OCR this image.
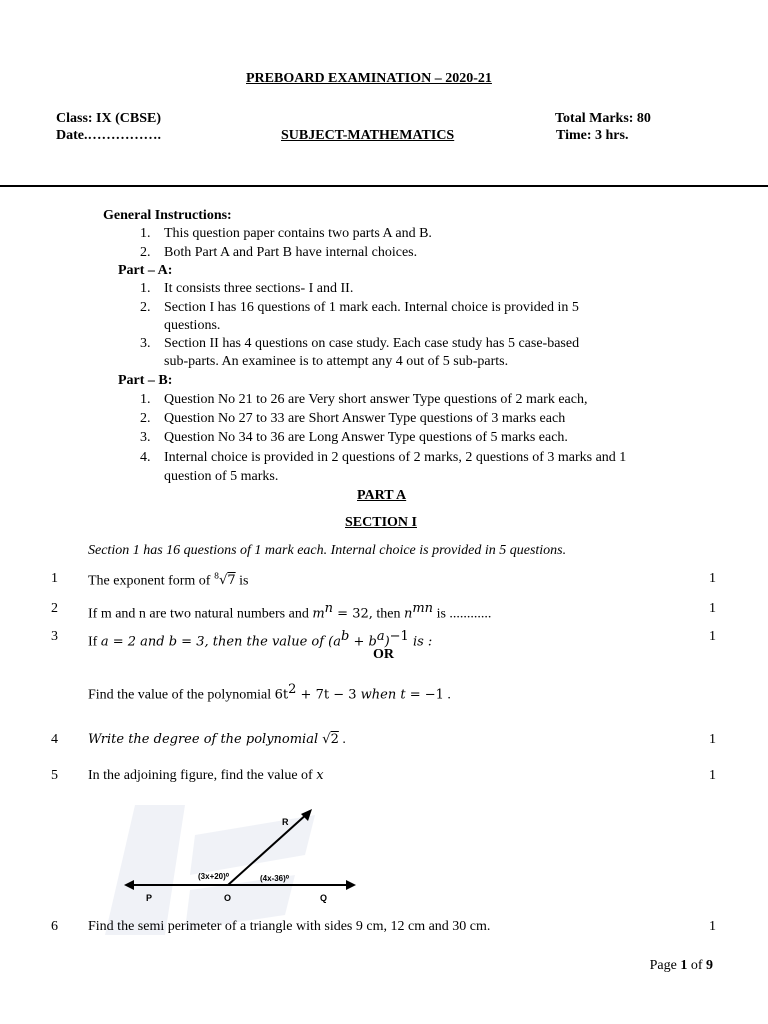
PREBOARD EXAMINATION – 2020-21
Class: IX (CBSE)
Date.…………….	SUBJECT-MATHEMATICS
Total Marks: 80
Time: 3 hrs.
General Instructions:
1. This question paper contains two parts A and B.
2. Both Part A and Part B have internal choices.
Part – A:
1. It consists three sections- I and II.
2. Section I has 16 questions of 1 mark each. Internal choice is provided in 5
questions.
3. Section II has 4 questions on case study. Each case study has 5 case-based
sub-parts. An examinee is to attempt any 4 out of 5 sub-parts.
Part – B:
1. Question No 21 to 26 are Very short answer Type questions of 2 mark each,
2. Question No 27 to 33 are Short Answer Type questions of 3 marks each
3. Question No 34 to 36 are Long Answer Type questions of 5 marks each.
4. Internal choice is provided in 2 questions of 2 marks, 2 questions of 3 marks and 1
question of 5 marks.
PART A
SECTION I
Section 1 has 16 questions of 1 mark each. Internal choice is provided in 5 questions.
1 The exponent form of $^8$√7 is	1
2 If m and n are two natural numbers and $m^n = 32$, then $n^{mn}$ is ............	1
3 If a = 2 and b = 3, then the value of $(a^b + b^a)^{-1}$ is :	1
OR
Find the value of the polynomial $6t^2 + 7t - 3$ when t = −1 .
4 Write the degree of the polynomial √2 .	1
5 In the adjoining figure, find the value of x	1
R
P	O	Q
(3x+20)⁰	(4x-36)⁰
6 Find the semi perimeter of a triangle with sides 9 cm, 12 cm and 30 cm.	1
Page 1 of 9
